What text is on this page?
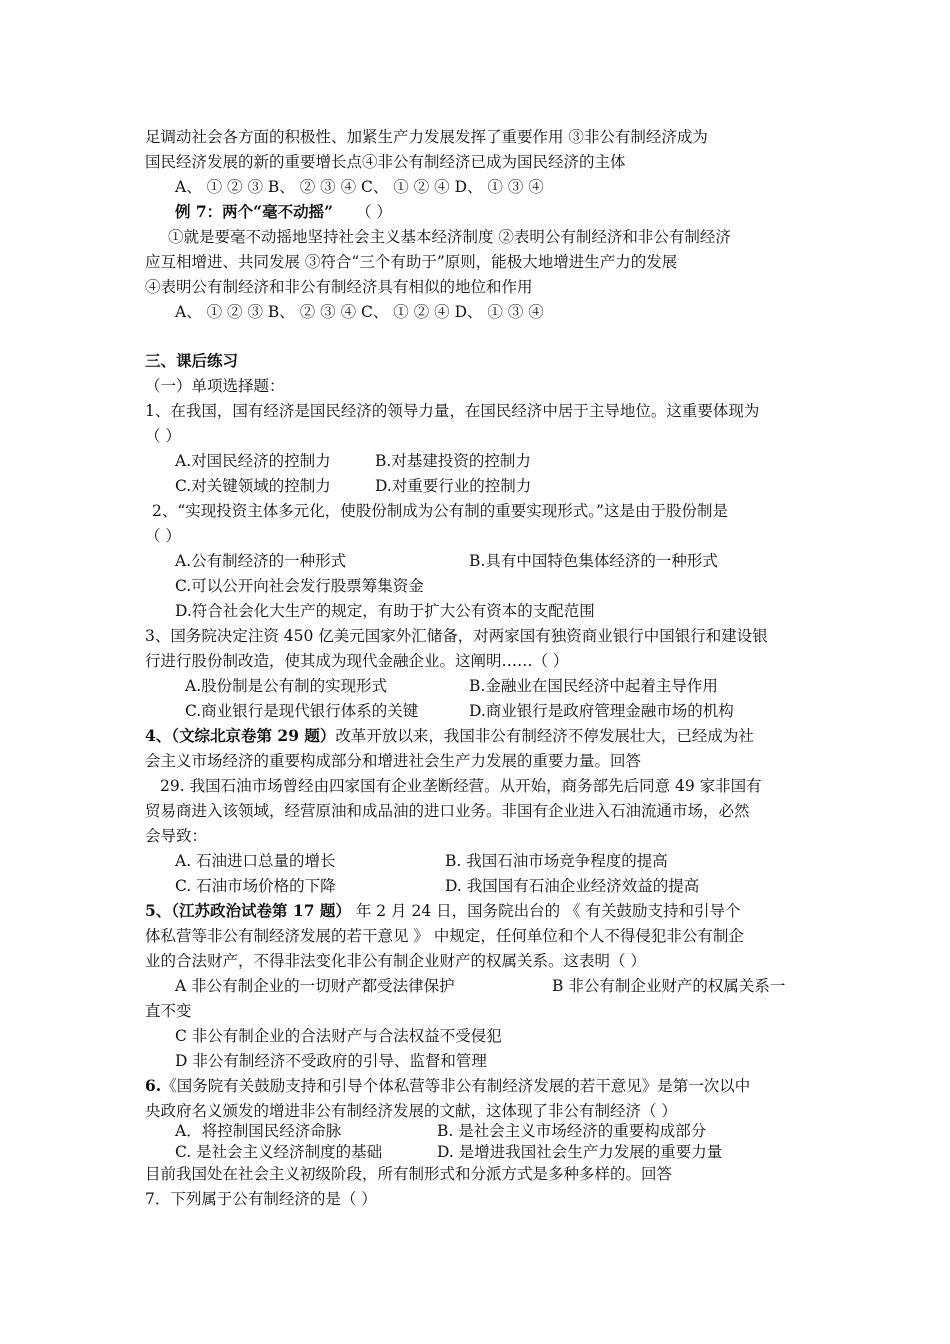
足调动社会各方面的积极性、加紧生产力发展发挥了重要作用 ③非公有制经济成为
国民经济发展的新的重要增长点④非公有制经济已成为国民经济的主体
A、 ① ② ③ B、 ② ③ ④ C、 ① ② ④ D、 ① ③ ④
例 7：两个“毫不动摇” （ ）
①就是要毫不动摇地坚持社会主义基本经济制度 ②表明公有制经济和非公有制经济
应互相增进、共同发展 ③符合“三个有助于”原则，能极大地增进生产力的发展
④表明公有制经济和非公有制经济具有相似的地位和作用
A、 ① ② ③ B、 ② ③ ④ C、 ① ② ④ D、 ① ③ ④
三、课后练习
（一）单项选择题：
1、在我国，国有经济是国民经济的领导力量，在国民经济中居于主导地位。这重要体现为
（ ）
A.对国民经济的控制力	B.对基建投资的控制力
C.对关键领域的控制力	D.对重要行业的控制力
2、“实现投资主体多元化，使股份制成为公有制的重要实现形式。”这是由于股份制是
（ ）
A.公有制经济的一种形式	B.具有中国特色集体经济的一种形式
C.可以公开向社会发行股票筹集资金
D.符合社会化大生产的规定，有助于扩大公有资本的支配范围
3、国务院决定注资 450 亿美元国家外汇储备，对两家国有独资商业银行中国银行和建设银
行进行股份制改造，使其成为现代金融企业。这阐明……（ ）
A.股份制是公有制的实现形式	B.金融业在国民经济中起着主导作用
C.商业银行是现代银行体系的关键	D.商业银行是政府管理金融市场的机构
4、（文综北京卷第 29 题）改革开放以来，我国非公有制经济不停发展壮大，已经成为社
会主义市场经济的重要构成部分和增进社会生产力发展的重要力量。回答
29. 我国石油市场曾经由四家国有企业垄断经营。从开始，商务部先后同意 49 家非国有
贸易商进入该领域，经营原油和成品油的进口业务。非国有企业进入石油流通市场，必然
会导致：
A. 石油进口总量的增长	B. 我国石油市场竞争程度的提高
C. 石油市场价格的下降	D. 我国国有石油企业经济效益的提高
5、（江苏政治试卷第 17 题） 年 2 月 24 日，国务院出台的 《 有关鼓励支持和引导个
体私营等非公有制经济发展的若干意见 》 中规定，任何单位和个人不得侵犯非公有制企
业的合法财产，不得非法变化非公有制企业财产的权属关系。这表明（ ）
A 非公有制企业的一切财产都受法律保护	B 非公有制企业财产的权属关系一
直不变
C 非公有制企业的合法财产与合法权益不受侵犯
D 非公有制经济不受政府的引导、监督和管理
6.《国务院有关鼓励支持和引导个体私营等非公有制经济发展的若干意见》是第一次以中
央政府名义颁发的增进非公有制经济发展的文献，这体现了非公有制经济（ ）
A．将控制国民经济命脉	B. 是社会主义市场经济的重要构成部分
C. 是社会主义经济制度的基础	D. 是增进我国社会生产力发展的重要力量
目前我国处在社会主义初级阶段，所有制形式和分派方式是多种多样的。回答
7．下列属于公有制经济的是（ ）
